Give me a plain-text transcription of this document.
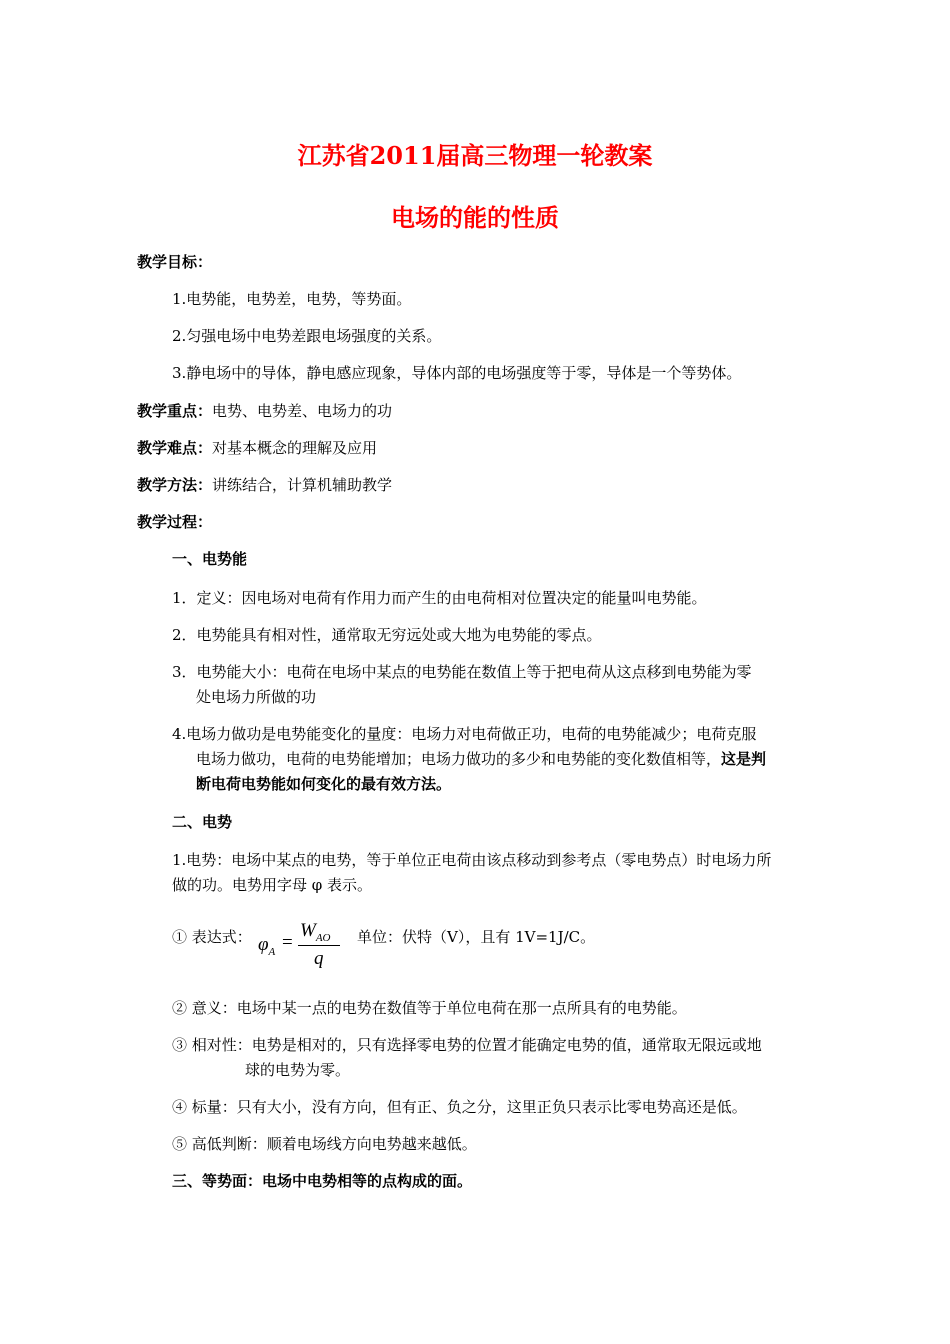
江苏省2011届高三物理一轮教案
电场的能的性质
教学目标：
1.电势能，电势差，电势，等势面。
2.匀强电场中电势差跟电场强度的关系。
3.静电场中的导体，静电感应现象，导体内部的电场强度等于零，导体是一个等势体。
教学重点：电势、电势差、电场力的功
教学难点：对基本概念的理解及应用
教学方法：讲练结合，计算机辅助教学
教学过程：
一、电势能
1．定义：因电场对电荷有作用力而产生的由电荷相对位置决定的能量叫电势能。
2．电势能具有相对性，通常取无穷远处或大地为电势能的零点。
3．电势能大小：电荷在电场中某点的电势能在数值上等于把电荷从这点移到电势能为零
处电场力所做的功
4.电场力做功是电势能变化的量度：电场力对电荷做正功，电荷的电势能减少；电荷克服
电场力做功，电荷的电势能增加；电场力做功的多少和电势能的变化数值相等，这是判
断电荷电势能如何变化的最有效方法。
二、电势
1.电势：电场中某点的电势，等于单位正电荷由该点移动到参考点（零电势点）时电场力所
做的功。电势用字母 φ 表示。
① 表达式： $\varphi_A$ =
$W_{AO}$
q
单位：伏特（V），且有 1V=1J/C。
② 意义：电场中某一点的电势在数值等于单位电荷在那一点所具有的电势能。
③ 相对性：电势是相对的，只有选择零电势的位置才能确定电势的值，通常取无限远或地
球的电势为零。
④ 标量：只有大小，没有方向，但有正、负之分，这里正负只表示比零电势高还是低。
⑤ 高低判断：顺着电场线方向电势越来越低。
三、等势面：电场中电势相等的点构成的面。
